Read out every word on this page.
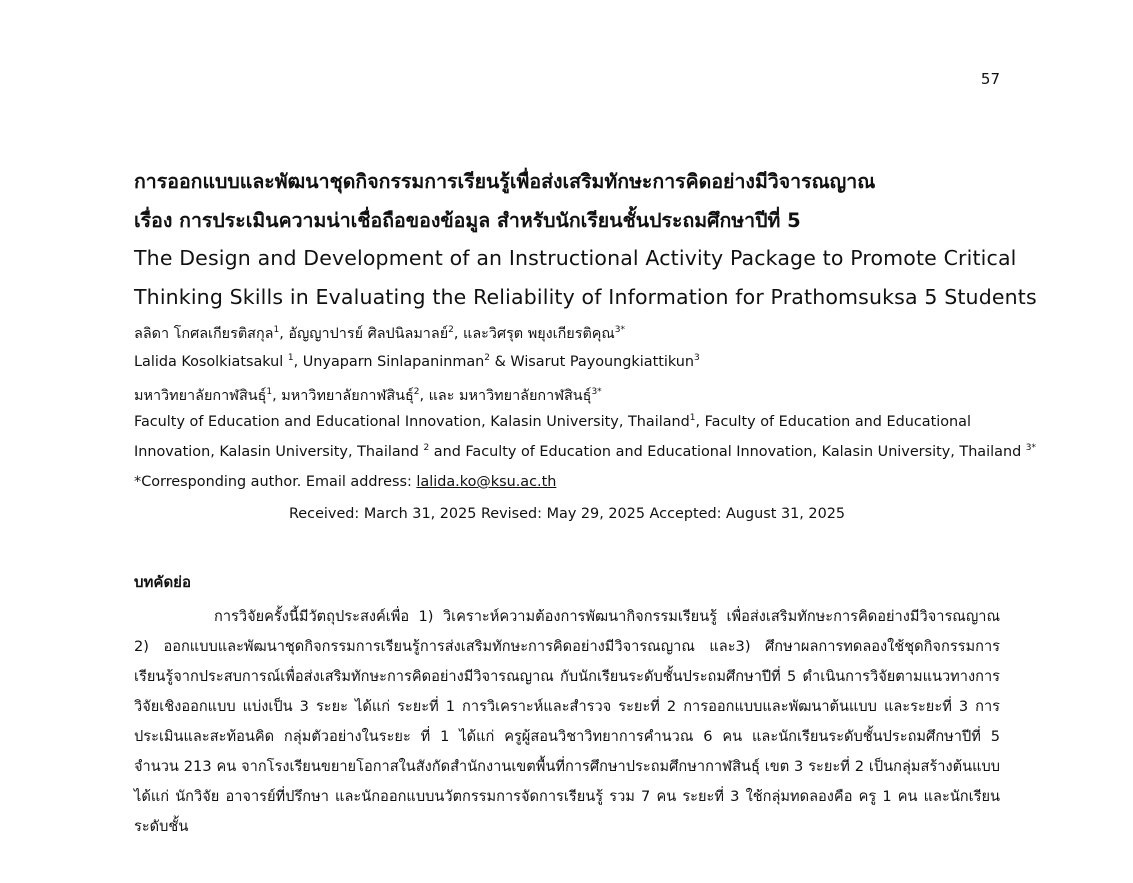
57
การออกแบบและพัฒนาชุดกิจกรรมการเรียนรู้เพื่อส่งเสริมทักษะการคิดอย่างมีวิจารณญาณ
เรื่อง การประเมินความน่าเชื่อถือของข้อมูล สำหรับนักเรียนชั้นประถมศึกษาปีที่ 5
The Design and Development of an Instructional Activity Package to Promote Critical
Thinking Skills in Evaluating the Reliability of Information for Prathomsuksa 5 Students
ลลิดา โกศลเกียรติสกุล$^1$, อัญญาปารย์ ศิลปนิลมาลย์$^2$, และวิศรุต พยุงเกียรติคุณ$^{3*}$
Lalida Kosolkiatsakul $^1$, Unyaparn Sinlapaninman$^2$ & Wisarut Payoungkiattikun$^3$
มหาวิทยาลัยกาฬสินธุ์$^1$, มหาวิทยาลัยกาฬสินธุ์$^2$, และ มหาวิทยาลัยกาฬสินธุ์$^{3*}$
Faculty of Education and Educational Innovation, Kalasin University, Thailand$^1$, Faculty of Education and Educational
Innovation, Kalasin University, Thailand $^2$ and Faculty of Education and Educational Innovation, Kalasin University, Thailand $^{3*}$
*Corresponding author. Email address: lalida.ko@ksu.ac.th
Received: March 31, 2025 Revised: May 29, 2025 Accepted: August 31, 2025
บทคัดย่อ
การวิจัยครั้งนี้มีวัตถุประสงค์เพื่อ 1) วิเคราะห์ความต้องการพัฒนากิจกรรมเรียนรู้ เพื่อส่งเสริมทักษะการคิดอย่างมีวิจารณญาณ 2) ออกแบบและพัฒนาชุดกิจกรรมการเรียนรู้การส่งเสริมทักษะการคิดอย่างมีวิจารณญาณ และ3) ศึกษาผลการทดลองใช้ชุดกิจกรรมการเรียนรู้จากประสบการณ์เพื่อส่งเสริมทักษะการคิดอย่างมีวิจารณญาณ กับนักเรียนระดับชั้นประถมศึกษาปีที่ 5 ดำเนินการวิจัยตามแนวทางการวิจัยเชิงออกแบบ แบ่งเป็น 3 ระยะ ได้แก่ ระยะที่ 1 การวิเคราะห์และสำรวจ ระยะที่ 2 การออกแบบและพัฒนาต้นแบบ และระยะที่ 3 การประเมินและสะท้อนคิด กลุ่มตัวอย่างในระยะ ที่ 1 ได้แก่ ครูผู้สอนวิชาวิทยาการคำนวณ 6 คน และนักเรียนระดับชั้นประถมศึกษาปีที่ 5 จำนวน 213 คน จากโรงเรียนขยายโอกาสในสังกัดสำนักงานเขตพื้นที่การศึกษาประถมศึกษากาฬสินธุ์ เขต 3 ระยะที่ 2 เป็นกลุ่มสร้างต้นแบบ ได้แก่ นักวิจัย อาจารย์ที่ปรึกษา และนักออกแบบนวัตกรรมการจัดการเรียนรู้ รวม 7 คน ระยะที่ 3 ใช้กลุ่มทดลองคือ ครู 1 คน และนักเรียนระดับชั้น
